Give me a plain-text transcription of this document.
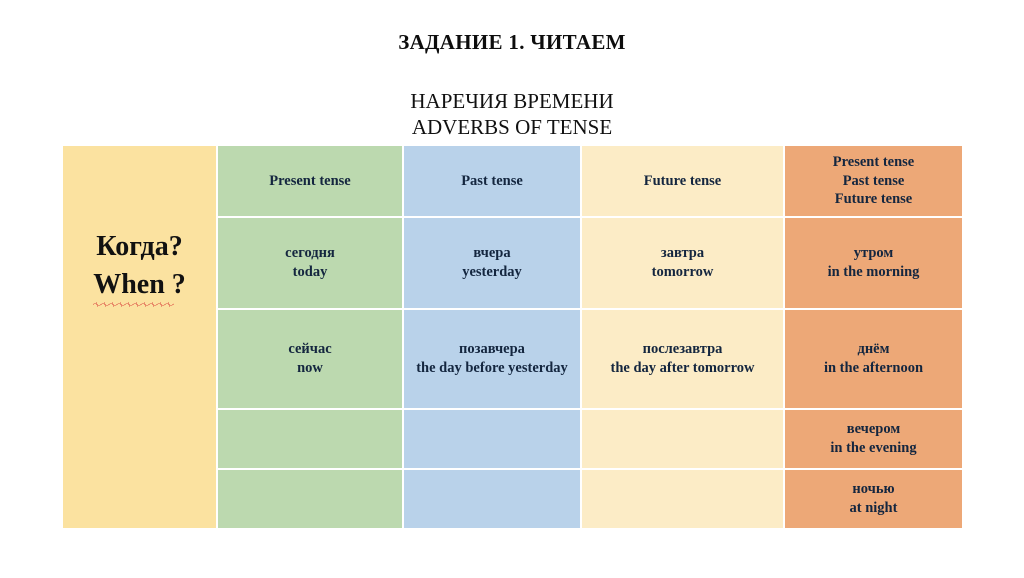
ЗАДАНИЕ 1. ЧИТАЕМ
НАРЕЧИЯ ВРЕМЕНИ
ADVERBS OF TENSE
Когда?
When ?
Present tense	Past tense	Future tense
Present tense
Past tense
Future tense
сегодня
today
вчера
yesterday
завтра
tomorrow
утром
in the morning
сейчас
now
позавчера
the day before yesterday
послезавтра
the day after tomorrow
днём
in the afternoon
вечером
in the evening
ночью
at night
